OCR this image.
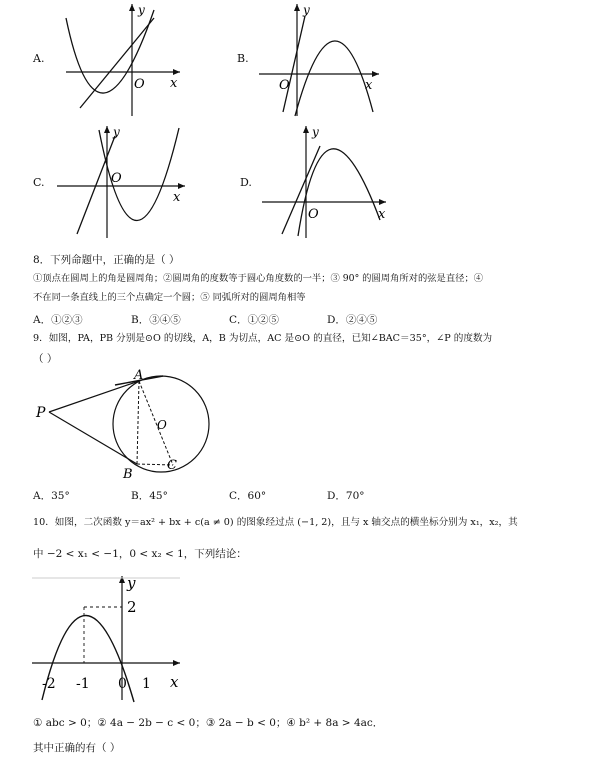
A.
y
O x
B.
y
O	x
C.
y
O
x
D.
y
O	x
8．下列命题中，正确的是（ ）
①顶点在圆周上的角是圆周角；②圆周角的度数等于圆心角度数的一半；③ 90° 的圆周角所对的弦是直径；④
不在同一条直线上的三个点确定一个圆；⑤ 同弧所对的圆周角相等
A．①②③	B．③④⑤	C．①②⑤	D．②④⑤
9．如图，PA，PB 分别是⊙O 的切线，A，B 为切点，AC 是⊙O 的直径，已知∠BAC＝35°，∠P 的度数为
（ ）
P
A
O
B
C
A．35°	B．45°	C．60°	D．70°
10．如图，二次函数 y＝ax² + bx + c(a ≠ 0) 的图象经过点 (−1, 2)，且与 x 轴交点的横坐标分别为 x₁，x₂，其
中 −2 < x₁ < −1，0 < x₂ < 1，下列结论：
y
2
-2 -1 0 1 x
① abc > 0；② 4a − 2b − c < 0；③ 2a − b < 0；④ b² + 8a > 4ac．
其中正确的有（ ）
